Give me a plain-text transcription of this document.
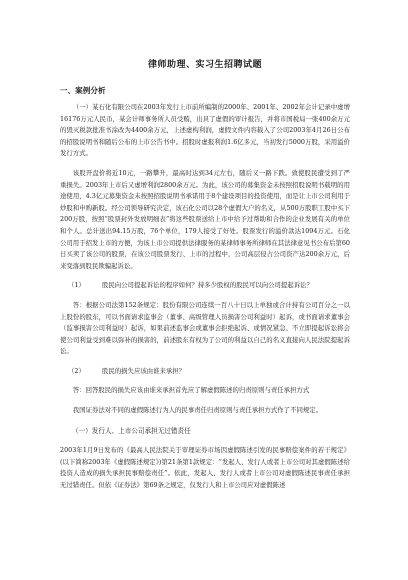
律师助理、实习生招聘试题
一、案例分析

（一）某石化有限公司在2003年发行上市前所编制的2000年、2001年、2002年会计记录中虚增16176万元人民币，某会计师事务所人员受贿，出具了虚假的审计报告，并将市国税局一张400余万元的毁灭税款批准书涂改为4400余万元，上述虚构利润，虚假文件内容载入了公司2003年4月26日公布的招股说明书和随后公布的上市公告书中。招股时虚报利润1.6亿多元，当初发行5000万股，采用溢价发行方式。

该股开盘价将近10元，一路攀升，最高时达到34元左右，随后又一路下跌。致使股民遭受到了严重损失。2003年上市后又虚增利润2800余万元。为此，该公司的募集资金未按照招股说明书载明的用途使用，4.3亿元募集资金未按照招股说明书承诺用于8个建设项目的投资使用，而是让上市公司利用于炒股和申购新股。经公司领导研究决定，该石化公司以28个虚假大户的名义，从500万股职工股中买下200万股，按照“股票封外发放明细表”将这些股票送给上市中给予过帮助和合作的企业发展有关的单位和个人。总计送出94.15万股，76个单位，179人接受了好处。股票发行的溢价款达1094万元。石化公司用于招发上市的方便，为该上市公司提供法律服务的某律师事务所律师在其法律意见书公布后第60日买卖了该公司的股票，在该公司股票发行、上市的过程中，公司高层侵占公司资产达200余万元，后来变落到股民欺骗起诉讼。

（1）	股民向公司提起诉讼的程序如何？持多少股权的股民可以向公司提起诉讼？

答：根据公司法第152条规定：股份有限公司连续一百八十日以上单独或合计持有公司百分之一以上股份的股东，可以书面请求监事会（董事、高级管理人员损害公司利益时）起诉，或书面请求董事会（监事损害公司利益时）起诉，如果前述监事会或董事会拒绝起诉、或情况紧急、不立即提起诉讼将会使公司利益受到难以弥补的损害的，前述股东有权为了公司的利益以自己的名义直接向人民法院提起诉讼。

（2）	股民的损失应该由谁来承担？

答：回答股民的损失应该由谁来承担首先应了解虚假陈述的归责原则与责任承担方式

我国证券法对不同的虚假陈述行为人的民事责任归责原则与责任承担方式作了不同规定。

（一）发行人、上市公司承担无过错责任

2003年1月9日发布的《最高人民法院关于审理证券市场因虚假陈述引发的民事赔偿案件的若干规定》(以下简称2003年《虚假陈述规定》)第21条第1款规定：“发起人、发行人或者上市公司对其虚假陈述给投资人造成的损失承担民事赔偿责任”。依此，发起人、发行人或者上市公司对虚假陈述民事责任承担无过错责任。但依《证券法》第69条之规定，仅发行人和上市公司应对虚假陈述
